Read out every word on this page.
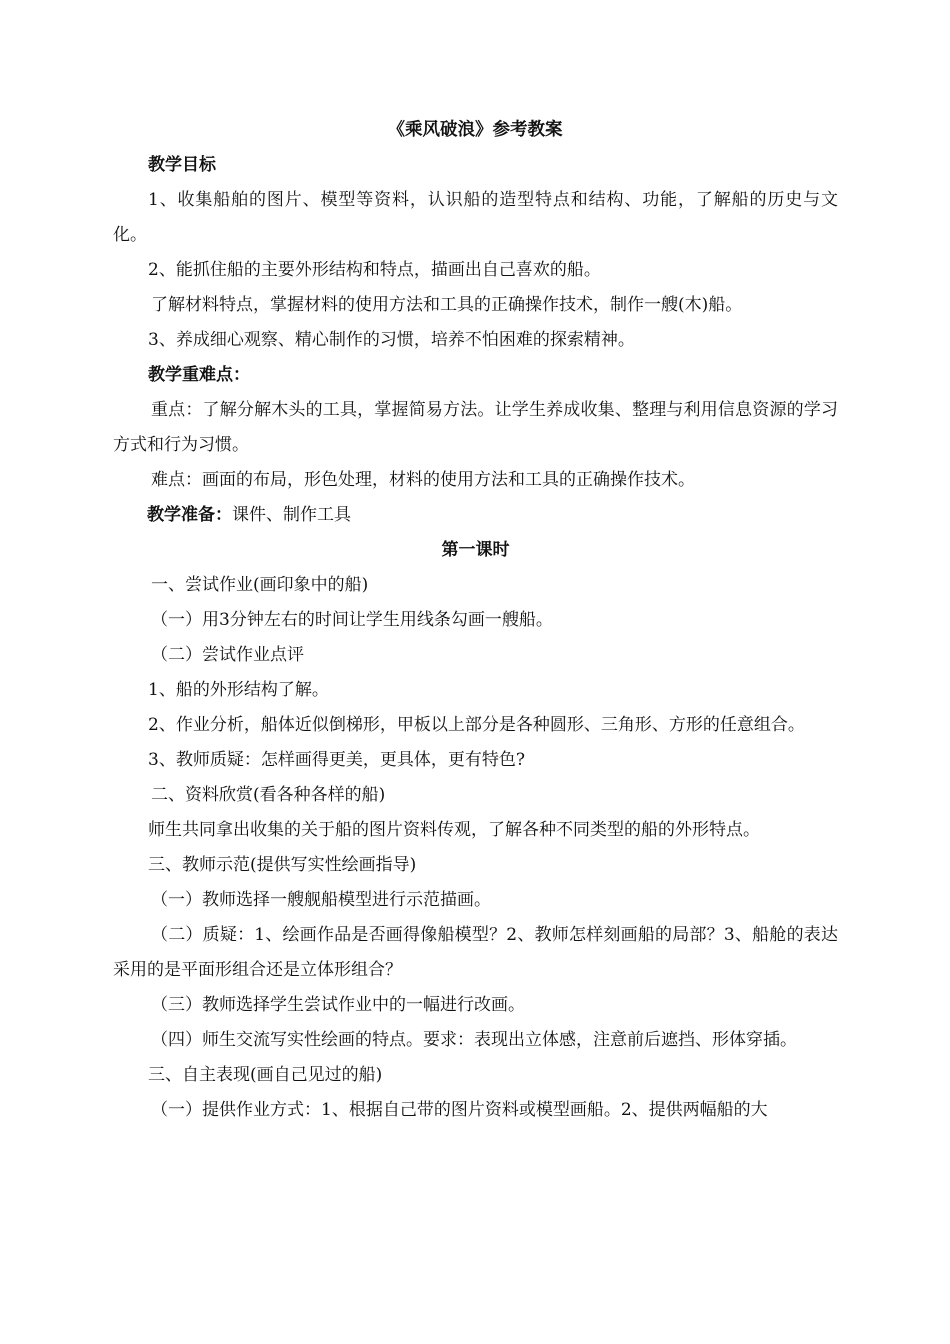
《乘风破浪》参考教案

教学目标

1、收集船舶的图片、模型等资料，认识船的造型特点和结构、功能，了解船的历史与文化。

2、能抓住船的主要外形结构和特点，描画出自己喜欢的船。

了解材料特点，掌握材料的使用方法和工具的正确操作技术，制作一艘(木)船。

3、养成细心观察、精心制作的习惯，培养不怕困难的探索精神。

教学重难点：

重点：了解分解木头的工具，掌握简易方法。让学生养成收集、整理与利用信息资源的学习方式和行为习惯。

难点：画面的布局，形色处理，材料的使用方法和工具的正确操作技术。

教学准备：课件、制作工具

第一课时

一、尝试作业(画印象中的船)

（一）用3分钟左右的时间让学生用线条勾画一艘船。

（二）尝试作业点评

1、船的外形结构了解。

2、作业分析，船体近似倒梯形，甲板以上部分是各种圆形、三角形、方形的任意组合。

3、教师质疑：怎样画得更美，更具体，更有特色?

二、资料欣赏(看各种各样的船)

师生共同拿出收集的关于船的图片资料传观，了解各种不同类型的船的外形特点。

三、教师示范(提供写实性绘画指导)

（一）教师选择一艘舰船模型进行示范描画。

（二）质疑：1、绘画作品是否画得像船模型？2、教师怎样刻画船的局部？3、船舱的表达采用的是平面形组合还是立体形组合？

（三）教师选择学生尝试作业中的一幅进行改画。

（四）师生交流写实性绘画的特点。要求：表现出立体感，注意前后遮挡、形体穿插。

三、自主表现(画自己见过的船)

（一）提供作业方式：1、根据自己带的图片资料或模型画船。2、提供两幅船的大
